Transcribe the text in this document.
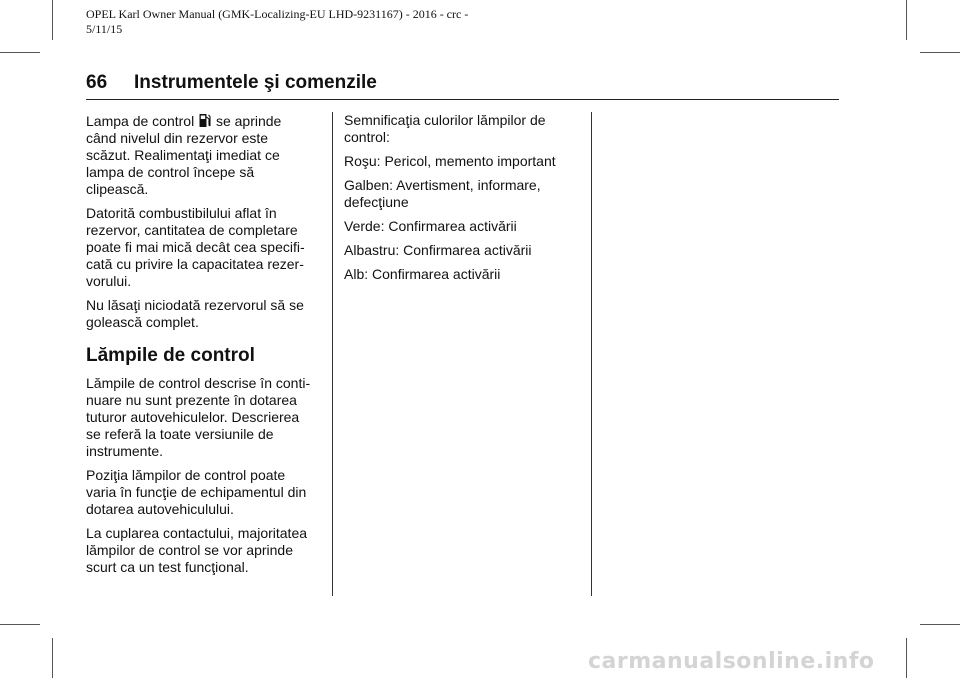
OPEL Karl Owner Manual (GMK-Localizing-EU LHD-9231167) - 2016 - crc -
5/11/15
66 Instrumentele şi comenzile

Lampa de control se aprinde
când nivelul din rezervor este
scăzut. Realimentaţi imediat ce
lampa de control începe să
clipească.

Datorită combustibilului aflat în
rezervor, cantitatea de completare
poate fi mai mică decât cea specifi-
cată cu privire la capacitatea rezer-
vorului.

Nu lăsaţi niciodată rezervorul să se
golească complet.

Lămpile de control

Lămpile de control descrise în conti-
nuare nu sunt prezente în dotarea
tuturor autovehiculelor. Descrierea
se referă la toate versiunile de
instrumente.

Poziţia lămpilor de control poate
varia în funcţie de echipamentul din
dotarea autovehiculului.

La cuplarea contactului, majoritatea
lămpilor de control se vor aprinde
scurt ca un test funcţional.

Semnificaţia culorilor lămpilor de
control:

Roşu: Pericol, memento important

Galben: Avertisment, informare,
defecţiune

Verde: Confirmarea activării

Albastru: Confirmarea activării

Alb: Confirmarea activării

carmanualsonline.info
